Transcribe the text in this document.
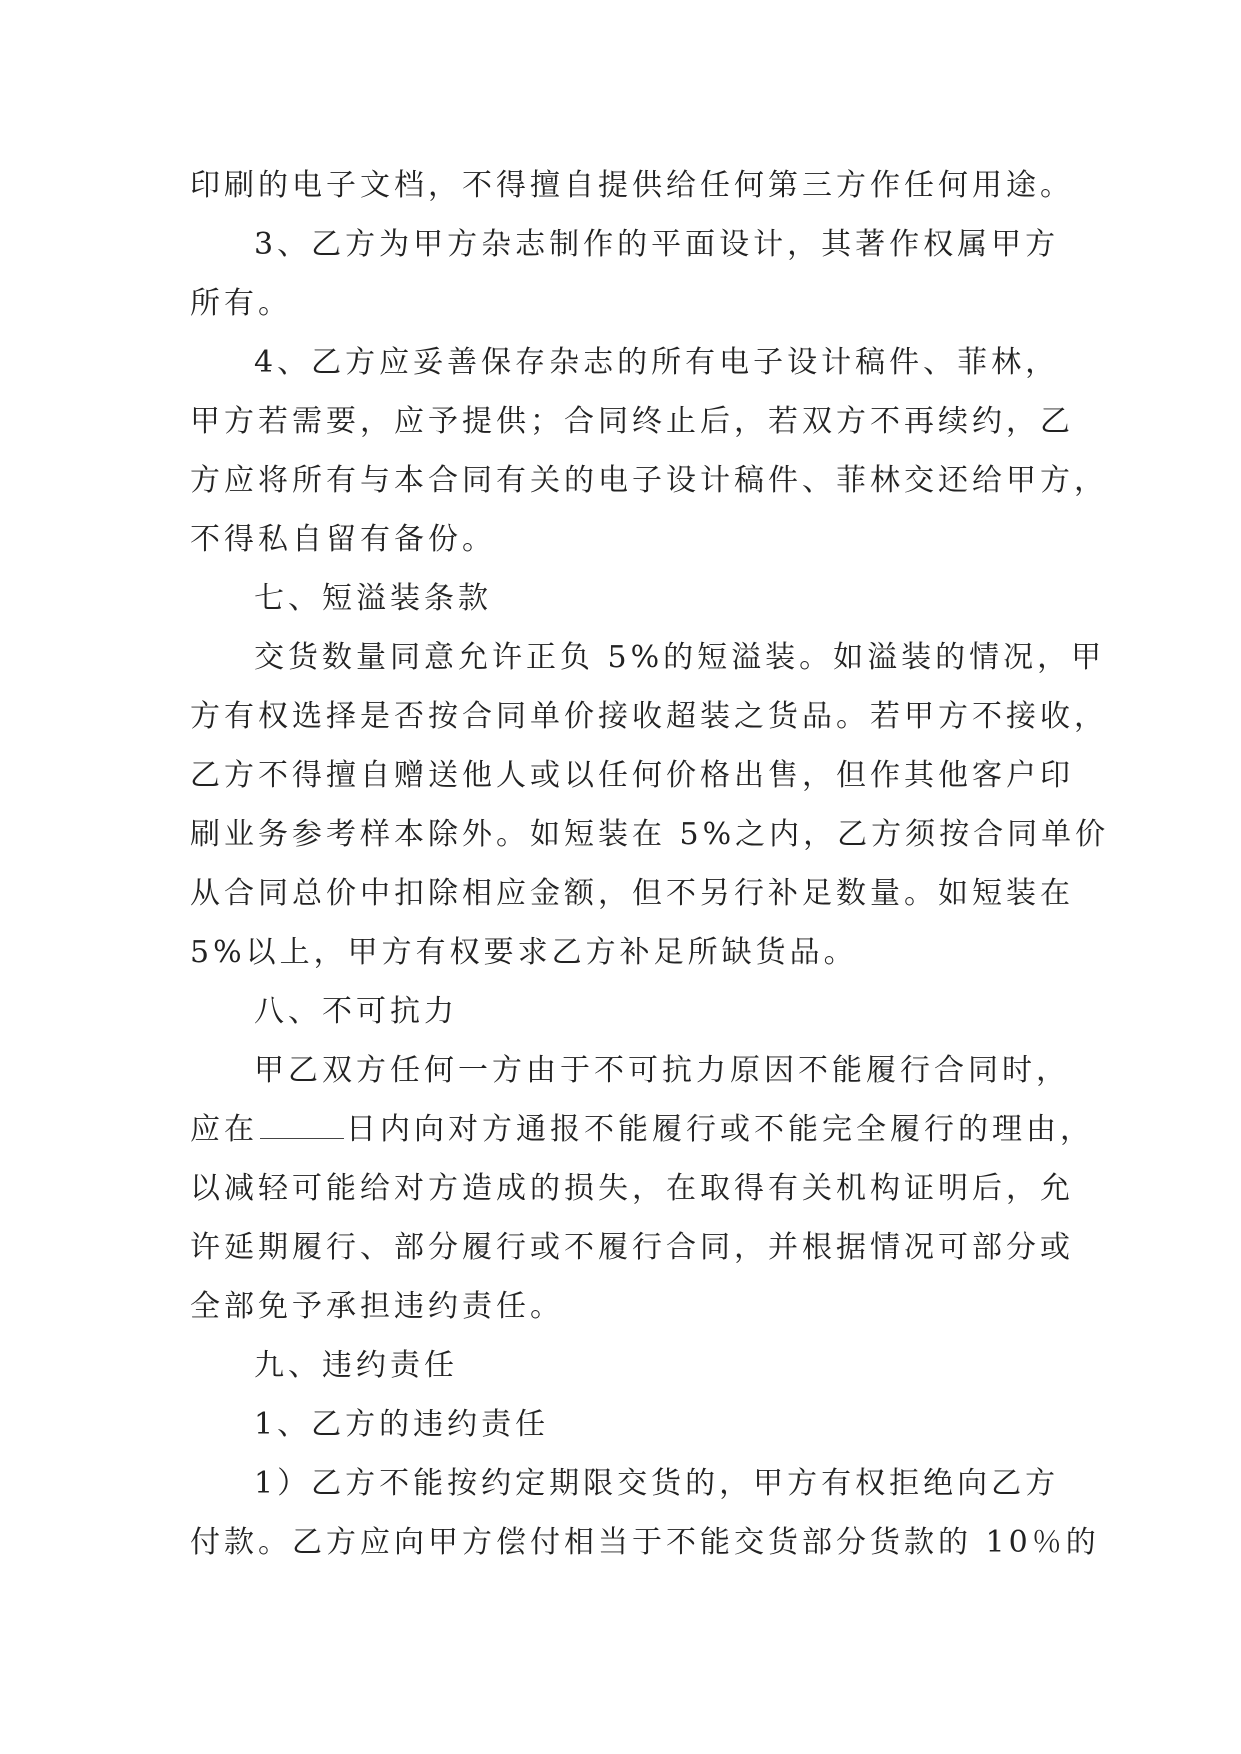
印刷的电子文档，不得擅自提供给任何第三方作任何用途。
3、乙方为甲方杂志制作的平面设计，其著作权属甲方
所有。
4、乙方应妥善保存杂志的所有电子设计稿件、菲林，
甲方若需要，应予提供；合同终止后，若双方不再续约，乙
方应将所有与本合同有关的电子设计稿件、菲林交还给甲方，
不得私自留有备份。
七、短溢装条款
交货数量同意允许正负 5%的短溢装。如溢装的情况，甲
方有权选择是否按合同单价接收超装之货品。若甲方不接收，
乙方不得擅自赠送他人或以任何价格出售，但作其他客户印
刷业务参考样本除外。如短装在 5%之内，乙方须按合同单价
从合同总价中扣除相应金额，但不另行补足数量。如短装在
5%以上，甲方有权要求乙方补足所缺货品。
八、不可抗力
甲乙双方任何一方由于不可抗力原因不能履行合同时，
应在	日内向对方通报不能履行或不能完全履行的理由，
以减轻可能给对方造成的损失，在取得有关机构证明后，允
许延期履行、部分履行或不履行合同，并根据情况可部分或
全部免予承担违约责任。
九、违约责任
1、乙方的违约责任
1）乙方不能按约定期限交货的，甲方有权拒绝向乙方
付款。乙方应向甲方偿付相当于不能交货部分货款的 10％的
